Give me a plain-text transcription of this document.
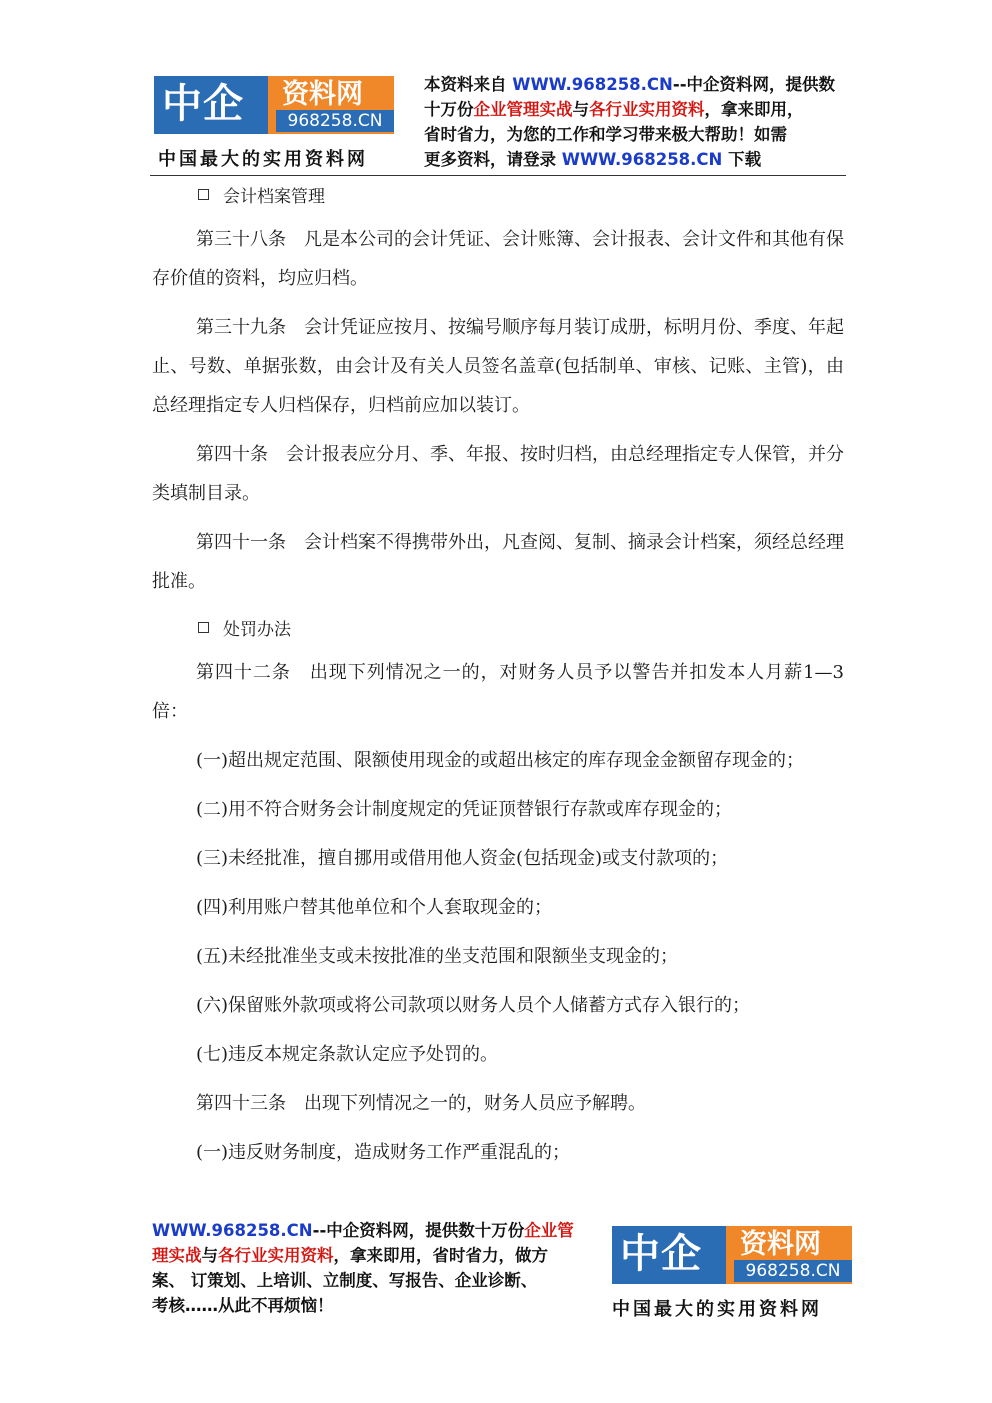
中企 资料网
968258.CN
中国最大的实用资料网
本资料来自 WWW.968258.CN--中企资料网，提供数
十万份企业管理实战与各行业实用资料，拿来即用，
省时省力，为您的工作和学习带来极大帮助！如需
更多资料，请登录 WWW.968258.CN 下载
会计档案管理

第三十八条　凡是本公司的会计凭证、会计账簿、会计报表、会计文件和其他有保存价值的资料，均应归档。

第三十九条　会计凭证应按月、按编号顺序每月装订成册，标明月份、季度、年起止、号数、单据张数，由会计及有关人员签名盖章(包括制单、审核、记账、主管)，由总经理指定专人归档保存，归档前应加以装订。

第四十条　会计报表应分月、季、年报、按时归档，由总经理指定专人保管，并分类填制目录。

第四十一条　会计档案不得携带外出，凡查阅、复制、摘录会计档案，须经总经理批准。

处罚办法

第四十二条　出现下列情况之一的，对财务人员予以警告并扣发本人月薪1—3 倍：

(一)超出规定范围、限额使用现金的或超出核定的库存现金金额留存现金的；

(二)用不符合财务会计制度规定的凭证顶替银行存款或库存现金的；

(三)未经批准，擅自挪用或借用他人资金(包括现金)或支付款项的；

(四)利用账户替其他单位和个人套取现金的；

(五)未经批准坐支或未按批准的坐支范围和限额坐支现金的；

(六)保留账外款项或将公司款项以财务人员个人储蓄方式存入银行的；

(七)违反本规定条款认定应予处罚的。

第四十三条　出现下列情况之一的，财务人员应予解聘。

(一)违反财务制度，造成财务工作严重混乱的；

WWW.968258.CN--中企资料网，提供数十万份企业管
理实战与各行业实用资料，拿来即用，省时省力，做方
案、 订策划、上培训、立制度、写报告、企业诊断、
考核……从此不再烦恼！
中企 资料网
968258.CN
中国最大的实用资料网
